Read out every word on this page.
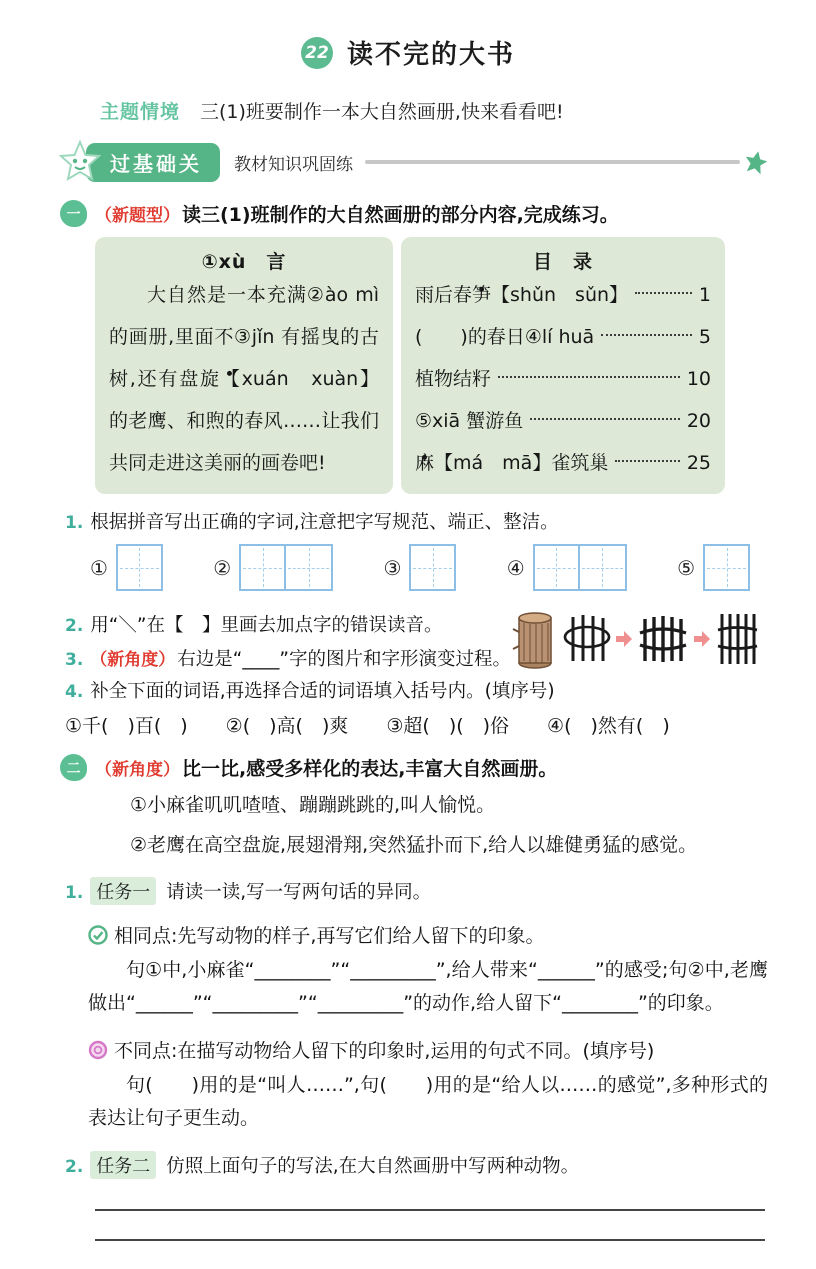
22 读不完的大书
主题情境 三(1)班要制作一本大自然画册,快来看看吧!
过基础关	教材知识巩固练
一 （新题型） 读三(1)班制作的大自然画册的部分内容,完成练习。
①xù　言
大自然是一本充满②ào mì 的画册,里面不③jǐn 有摇曳的古树,还有盘旋 ●【xuán　xuàn】的老鹰、和煦的春风……让我们共同走进这美丽的画卷吧!
目　录
雨后春笋 ●【shǔn　sǔn】	1
(　　)的春日④lí huā	5
植物结籽	10
⑤xiā 蟹游鱼	20
麻 ●【má　mā】雀筑巢	25
1. 根据拼音写出正确的字词,注意把字写规范、端正、整洁。
①	②	③	④	⑤
2. 用“＼”在【　】里画去加点字的错误读音。
3. （新角度） 右边是“____”字的图片和字形演变过程。
4. 补全下面的词语,再选择合适的词语填入括号内。(填序号)
①千(　)百(　)　　②(　)高(　)爽　　③超(　)(　)俗　　④(　)然有(　)
二 （新角度） 比一比,感受多样化的表达,丰富大自然画册。

①小麻雀叽叽喳喳、蹦蹦跳跳的,叫人愉悦。

②老鹰在高空盘旋,展翅滑翔,突然猛扑而下,给人以雄健勇猛的感觉。

1. 任务一 请读一读,写一写两句话的异同。
相同点:先写动物的样子,再写它们给人留下的印象。

句①中,小麻雀“________”“_________”,给人带来“______”的感受;句②中,老鹰做出“______”“_________”“_________”的动作,给人留下“________”的印象。

不同点:在描写动物给人留下的印象时,运用的句式不同。(填序号)

句(　　)用的是“叫人……”,句(　　)用的是“给人以……的感觉”,多种形式的表达让句子更生动。

2. 任务二 仿照上面句子的写法,在大自然画册中写两种动物。
